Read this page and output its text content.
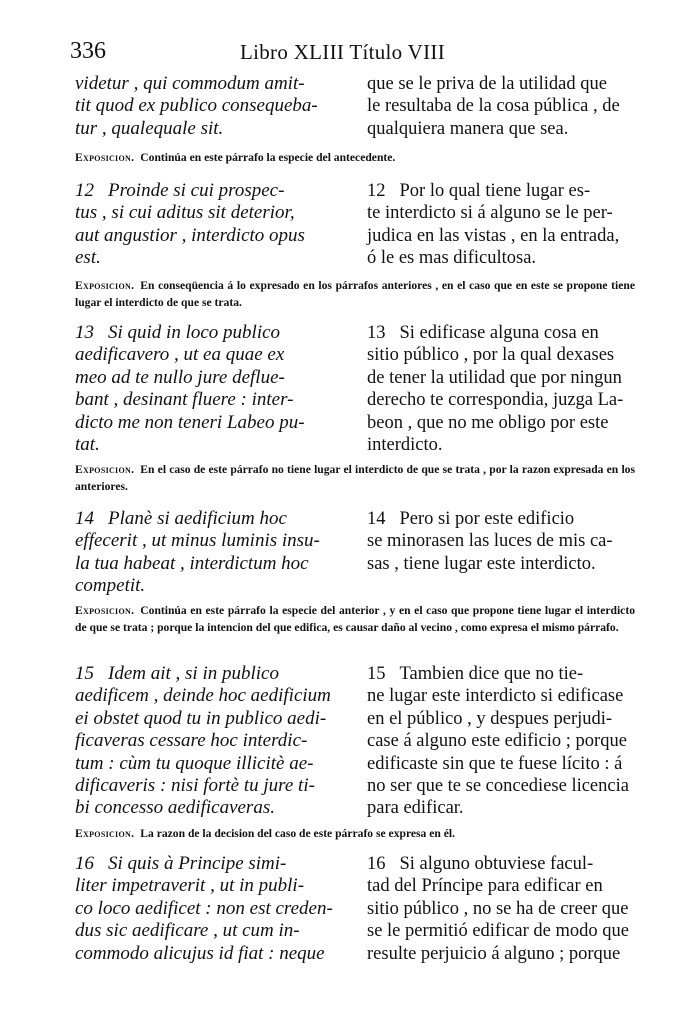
336	Libro XLIII Título VIII
videtur , qui commodum amit-
tit quod ex publico consequeba-
tur , qualequale sit.
que se le priva de la utilidad que
le resultaba de la cosa pública , de
qualquiera manera que sea.
Exposicion. Continúa en este párrafo la especie del antecedente.
12 Proinde si cui prospec-
tus , si cui aditus sit deterior,
aut angustior , interdicto opus
est.
12 Por lo qual tiene lugar es-
te interdicto si á alguno se le per-
judica en las vistas , en la entrada,
ó le es mas dificultosa.
Exposicion. En conseqüencia á lo expresado en los párrafos anteriores , en el caso que en este se propone tiene lugar el interdicto de que se trata.
13 Si quid in loco publico
aedificavero , ut ea quae ex
meo ad te nullo jure deflue-
bant , desinant fluere : inter-
dicto me non teneri Labeo pu-
tat.
13 Si edificase alguna cosa en
sitio público , por la qual dexases
de tener la utilidad que por ningun
derecho te correspondia, juzga La-
beon , que no me obligo por este
interdicto.
Exposicion. En el caso de este párrafo no tiene lugar el interdicto de que se trata , por la razon expresada en los anteriores.
14 Planè si aedificium hoc
effecerit , ut minus luminis insu-
la tua habeat , interdictum hoc
competit.
14 Pero si por este edificio
se minorasen las luces de mis ca-
sas , tiene lugar este interdicto.
Exposicion. Continúa en este párrafo la especie del anterior , y en el caso que propone tiene lugar el interdicto de que se trata ; porque la intencion del que edifica, es causar daño al vecino , como expresa el mismo párrafo.
15 Idem ait , si in publico
aedificem , deinde hoc aedificium
ei obstet quod tu in publico aedi-
ficaveras cessare hoc interdic-
tum : cùm tu quoque illicitè ae-
dificaveris : nisi fortè tu jure ti-
bi concesso aedificaveras.
15 Tambien dice que no tie-
ne lugar este interdicto si edificase
en el público , y despues perjudi-
case á alguno este edificio ; porque
edificaste sin que te fuese lícito : á
no ser que te se concediese licencia
para edificar.
Exposicion. La razon de la decision del caso de este párrafo se expresa en él.
16 Si quis à Principe simi-
liter impetraverit , ut in publi-
co loco aedificet : non est creden-
dus sic aedificare , ut cum in-
commodo alicujus id fiat : neque
16 Si alguno obtuviese facul-
tad del Príncipe para edificar en
sitio público , no se ha de creer que
se le permitió edificar de modo que
resulte perjuicio á alguno ; porque
